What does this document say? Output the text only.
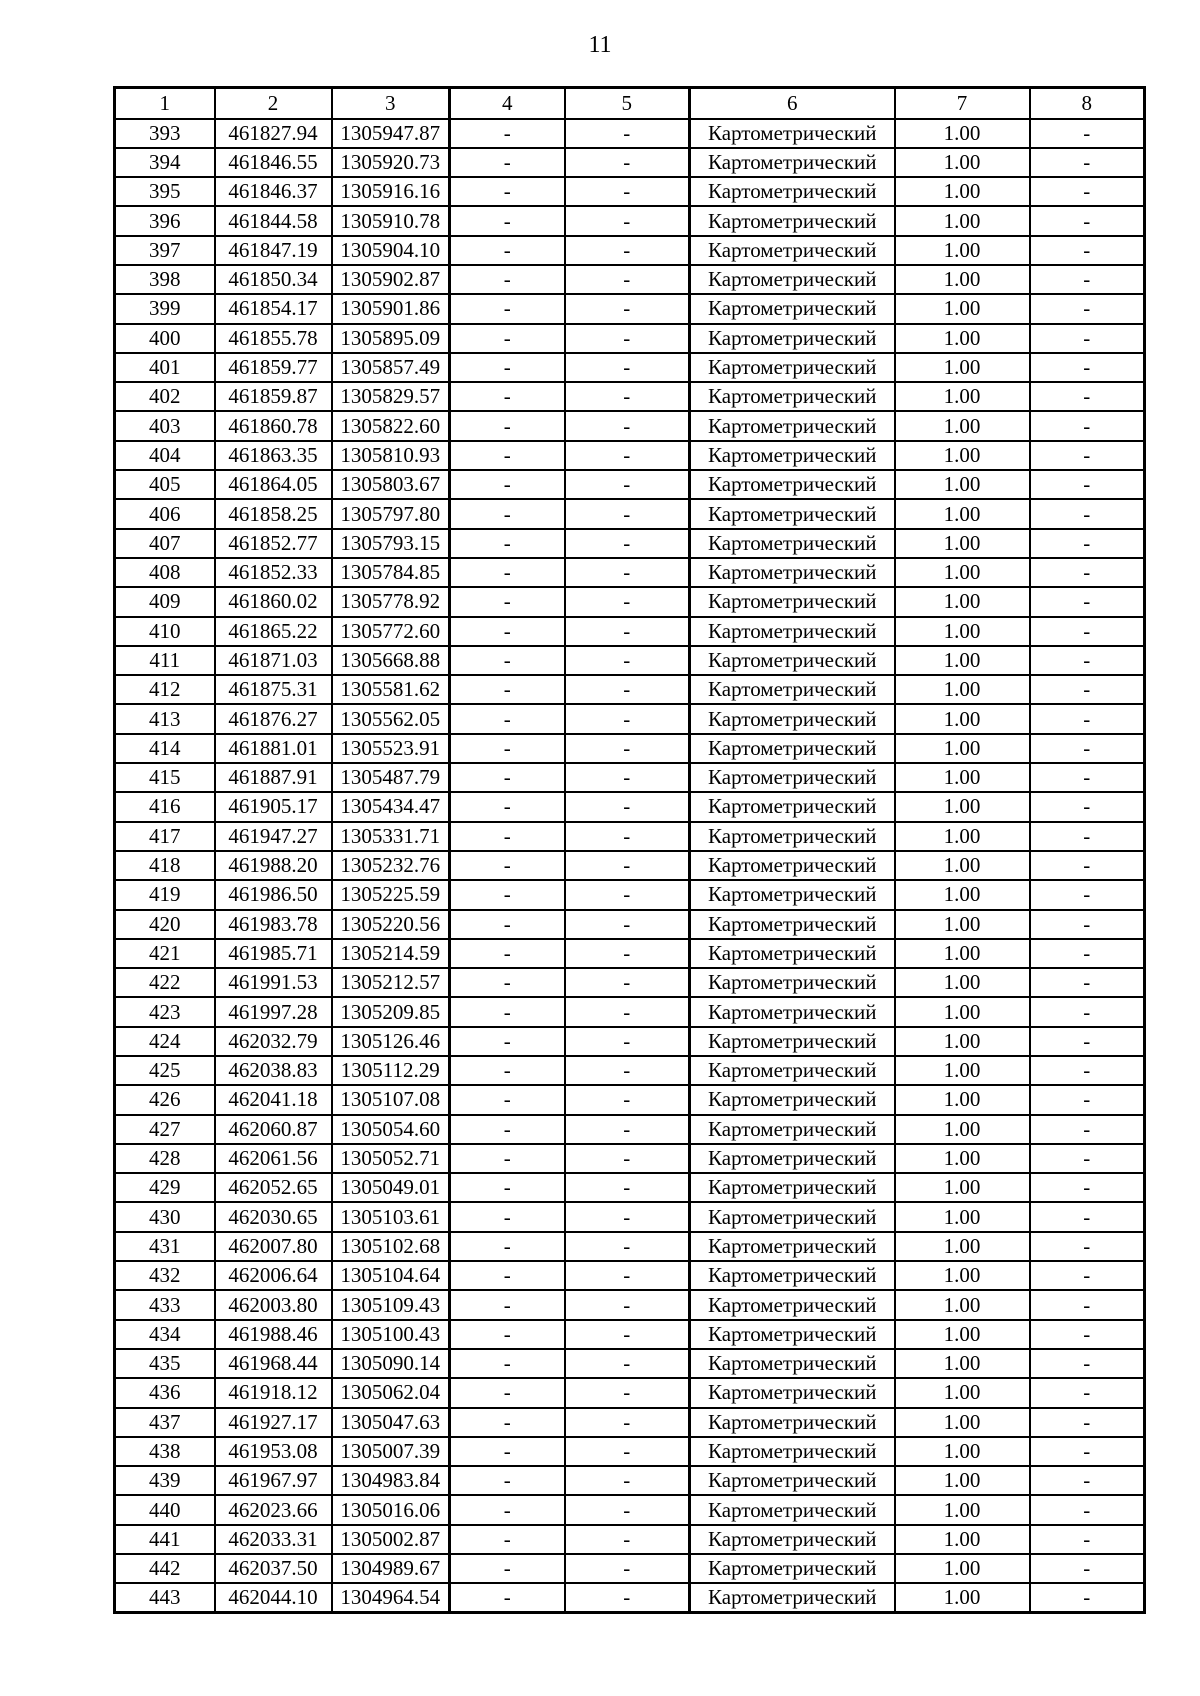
11
1	2	3	4	5	6	7	8
393	461827.94	1305947.87	-	-	Картометрический	1.00	-
394	461846.55	1305920.73	-	-	Картометрический	1.00	-
395	461846.37	1305916.16	-	-	Картометрический	1.00	-
396	461844.58	1305910.78	-	-	Картометрический	1.00	-
397	461847.19	1305904.10	-	-	Картометрический	1.00	-
398	461850.34	1305902.87	-	-	Картометрический	1.00	-
399	461854.17	1305901.86	-	-	Картометрический	1.00	-
400	461855.78	1305895.09	-	-	Картометрический	1.00	-
401	461859.77	1305857.49	-	-	Картометрический	1.00	-
402	461859.87	1305829.57	-	-	Картометрический	1.00	-
403	461860.78	1305822.60	-	-	Картометрический	1.00	-
404	461863.35	1305810.93	-	-	Картометрический	1.00	-
405	461864.05	1305803.67	-	-	Картометрический	1.00	-
406	461858.25	1305797.80	-	-	Картометрический	1.00	-
407	461852.77	1305793.15	-	-	Картометрический	1.00	-
408	461852.33	1305784.85	-	-	Картометрический	1.00	-
409	461860.02	1305778.92	-	-	Картометрический	1.00	-
410	461865.22	1305772.60	-	-	Картометрический	1.00	-
411	461871.03	1305668.88	-	-	Картометрический	1.00	-
412	461875.31	1305581.62	-	-	Картометрический	1.00	-
413	461876.27	1305562.05	-	-	Картометрический	1.00	-
414	461881.01	1305523.91	-	-	Картометрический	1.00	-
415	461887.91	1305487.79	-	-	Картометрический	1.00	-
416	461905.17	1305434.47	-	-	Картометрический	1.00	-
417	461947.27	1305331.71	-	-	Картометрический	1.00	-
418	461988.20	1305232.76	-	-	Картометрический	1.00	-
419	461986.50	1305225.59	-	-	Картометрический	1.00	-
420	461983.78	1305220.56	-	-	Картометрический	1.00	-
421	461985.71	1305214.59	-	-	Картометрический	1.00	-
422	461991.53	1305212.57	-	-	Картометрический	1.00	-
423	461997.28	1305209.85	-	-	Картометрический	1.00	-
424	462032.79	1305126.46	-	-	Картометрический	1.00	-
425	462038.83	1305112.29	-	-	Картометрический	1.00	-
426	462041.18	1305107.08	-	-	Картометрический	1.00	-
427	462060.87	1305054.60	-	-	Картометрический	1.00	-
428	462061.56	1305052.71	-	-	Картометрический	1.00	-
429	462052.65	1305049.01	-	-	Картометрический	1.00	-
430	462030.65	1305103.61	-	-	Картометрический	1.00	-
431	462007.80	1305102.68	-	-	Картометрический	1.00	-
432	462006.64	1305104.64	-	-	Картометрический	1.00	-
433	462003.80	1305109.43	-	-	Картометрический	1.00	-
434	461988.46	1305100.43	-	-	Картометрический	1.00	-
435	461968.44	1305090.14	-	-	Картометрический	1.00	-
436	461918.12	1305062.04	-	-	Картометрический	1.00	-
437	461927.17	1305047.63	-	-	Картометрический	1.00	-
438	461953.08	1305007.39	-	-	Картометрический	1.00	-
439	461967.97	1304983.84	-	-	Картометрический	1.00	-
440	462023.66	1305016.06	-	-	Картометрический	1.00	-
441	462033.31	1305002.87	-	-	Картометрический	1.00	-
442	462037.50	1304989.67	-	-	Картометрический	1.00	-
443	462044.10	1304964.54	-	-	Картометрический	1.00	-
